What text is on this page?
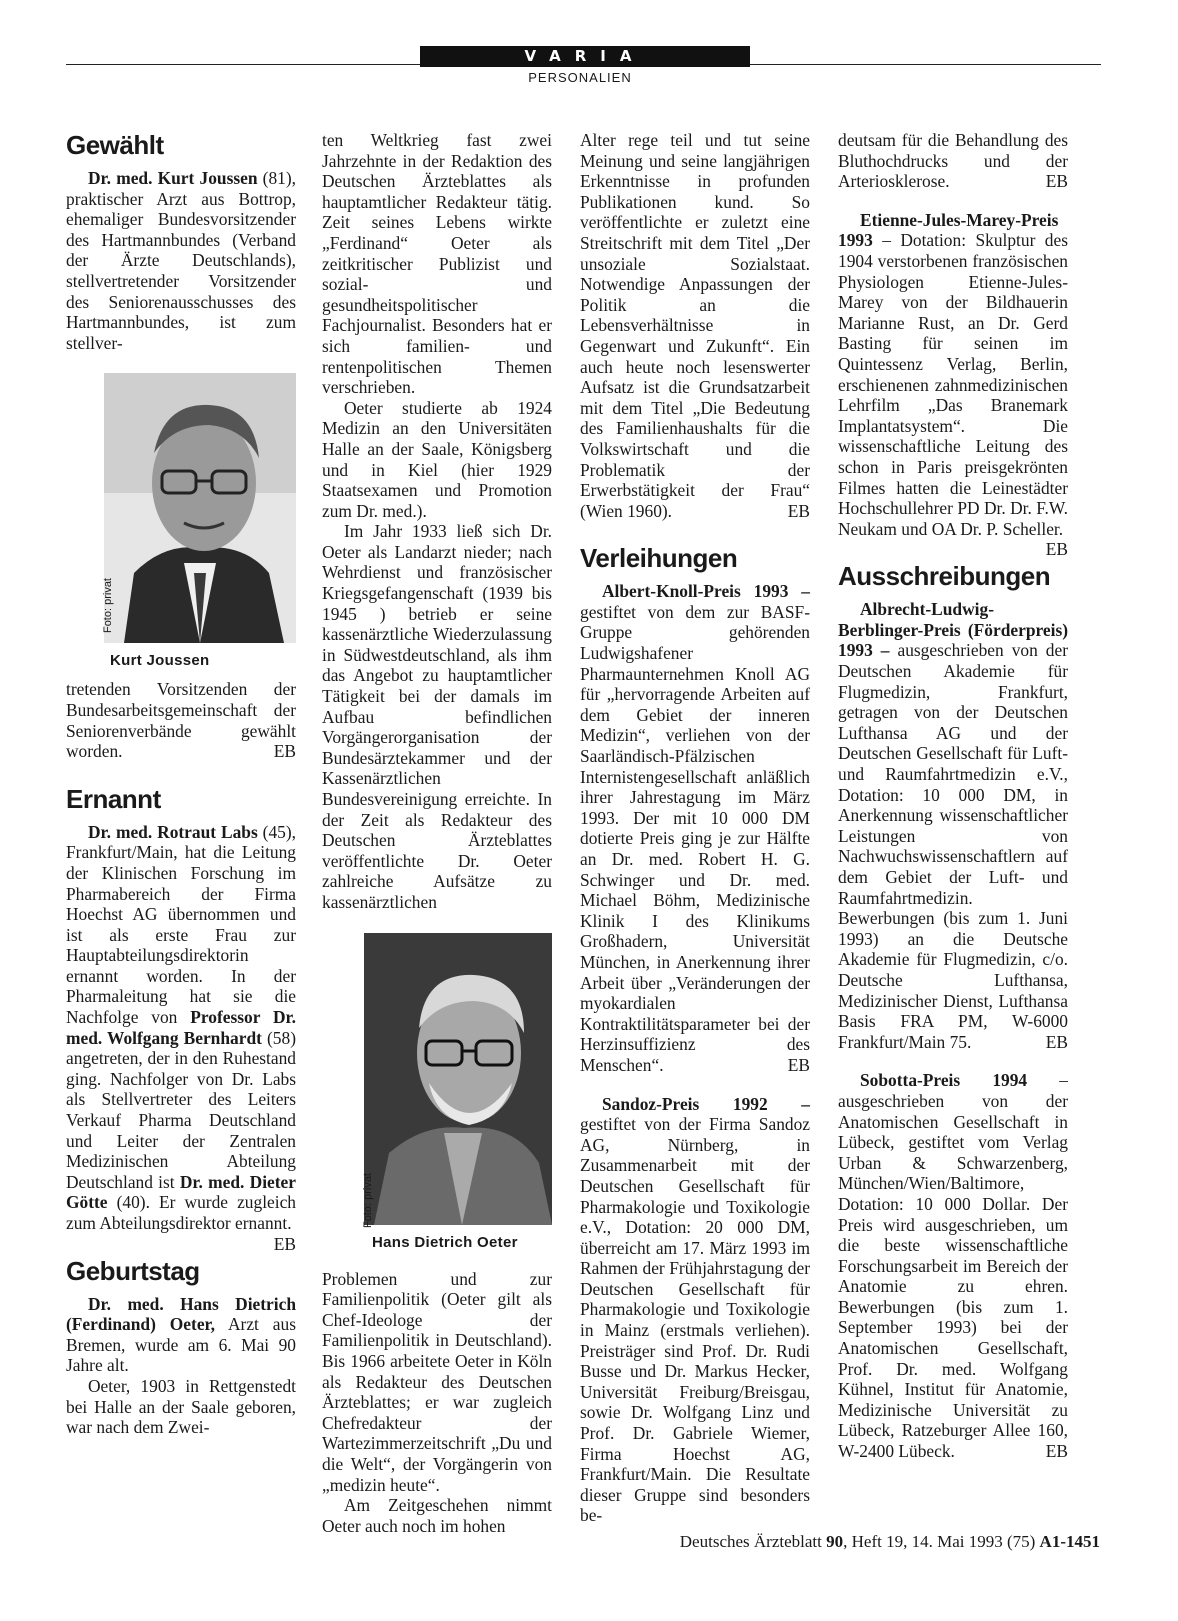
VARIA
PERSONALIEN
Gewählt

Dr. med. Kurt Joussen (81), praktischer Arzt aus Bottrop, ehemaliger Bundesvorsitzender des Hartmannbundes (Verband der Ärzte Deutschlands), stellvertretender Vorsitzender des Seniorenausschusses des Hartmannbundes, ist zum stellver-

Foto: privat
Kurt Joussen

tretenden Vorsitzenden der Bundesarbeitsgemeinschaft der Seniorenverbände gewählt worden.	EB

Ernannt

Dr. med. Rotraut Labs (45), Frankfurt/Main, hat die Leitung der Klinischen Forschung im Pharmabereich der Firma Hoechst AG übernommen und ist als erste Frau zur Hauptabteilungsdirektorin ernannt worden. In der Pharmaleitung hat sie die Nachfolge von Professor Dr. med. Wolfgang Bernhardt (58) angetreten, der in den Ruhestand ging. Nachfolger von Dr. Labs als Stellvertreter des Leiters Verkauf Pharma Deutschland und Leiter der Zentralen Medizinischen Abteilung Deutschland ist Dr. med. Dieter Götte (40). Er wurde zugleich zum Abteilungsdirektor ernannt.
EB

Geburtstag

Dr. med. Hans Dietrich (Ferdinand) Oeter, Arzt aus Bremen, wurde am 6. Mai 90 Jahre alt.

Oeter, 1903 in Rettgenstedt bei Halle an der Saale geboren, war nach dem Zwei-

ten Weltkrieg fast zwei Jahrzehnte in der Redaktion des Deutschen Ärzteblattes als hauptamtlicher Redakteur tätig. Zeit seines Lebens wirkte „Ferdinand“ Oeter als zeitkritischer Publizist und sozial- und gesundheitspolitischer Fachjournalist. Besonders hat er sich familien- und rentenpolitischen Themen verschrieben.

Oeter studierte ab 1924 Medizin an den Universitäten Halle an der Saale, Königsberg und in Kiel (hier 1929 Staatsexamen und Promotion zum Dr. med.).

Im Jahr 1933 ließ sich Dr. Oeter als Landarzt nieder; nach Wehrdienst und französischer Kriegsgefangenschaft (1939 bis 1945 ) betrieb er seine kassenärztliche Wiederzulassung in Südwestdeutschland, als ihm das Angebot zu hauptamtlicher Tätigkeit bei der damals im Aufbau befindlichen Vorgängerorganisation der Bundesärztekammer und der Kassenärztlichen Bundesvereinigung erreichte. In der Zeit als Redakteur des Deutschen Ärzteblattes veröffentlichte Dr. Oeter zahlreiche Aufsätze zu kassenärztlichen

Foto: privat
Hans Dietrich Oeter

Problemen und zur Familienpolitik (Oeter gilt als Chef-Ideologe der Familienpolitik in Deutschland). Bis 1966 arbeitete Oeter in Köln als Redakteur des Deutschen Ärzteblattes; er war zugleich Chefredakteur der Wartezimmerzeitschrift „Du und die Welt“, der Vorgängerin von „medizin heute“.

Am Zeitgeschehen nimmt Oeter auch noch im hohen

Alter rege teil und tut seine Meinung und seine langjährigen Erkenntnisse in profunden Publikationen kund. So veröffentlichte er zuletzt eine Streitschrift mit dem Titel „Der unsoziale Sozialstaat. Notwendige Anpassungen der Politik an die Lebensverhältnisse in Gegenwart und Zukunft“. Ein auch heute noch lesenswerter Aufsatz ist die Grundsatzarbeit mit dem Titel „Die Bedeutung des Familienhaushalts für die Volkswirtschaft und die Problematik der Erwerbstätigkeit der Frau“ (Wien 1960).	EB

Verleihungen

Albert-Knoll-Preis 1993 – gestiftet von dem zur BASF-Gruppe gehörenden Ludwigshafener Pharmaunternehmen Knoll AG für „hervorragende Arbeiten auf dem Gebiet der inneren Medizin“, verliehen von der Saarländisch-Pfälzischen Internistengesellschaft anläßlich ihrer Jahrestagung im März 1993. Der mit 10 000 DM dotierte Preis ging je zur Hälfte an Dr. med. Robert H. G. Schwinger und Dr. med. Michael Böhm, Medizinische Klinik I des Klinikums Großhadern, Universität München, in Anerkennung ihrer Arbeit über „Veränderungen der myokardialen Kontraktilitätsparameter bei der Herzinsuffizienz des Menschen“.	EB

Sandoz-Preis 1992 – gestiftet von der Firma Sandoz AG, Nürnberg, in Zusammenarbeit mit der Deutschen Gesellschaft für Pharmakologie und Toxikologie e.V., Dotation: 20 000 DM, überreicht am 17. März 1993 im Rahmen der Frühjahrstagung der Deutschen Gesellschaft für Pharmakologie und Toxikologie in Mainz (erstmals verliehen). Preisträger sind Prof. Dr. Rudi Busse und Dr. Markus Hecker, Universität Freiburg/Breisgau, sowie Dr. Wolfgang Linz und Prof. Dr. Gabriele Wiemer, Firma Hoechst AG, Frankfurt/Main. Die Resultate dieser Gruppe sind besonders be-

deutsam für die Behandlung des Bluthochdrucks und der Arteriosklerose.	EB

Etienne-Jules-Marey-Preis 1993 – Dotation: Skulptur des 1904 verstorbenen französischen Physiologen Etienne-Jules-Marey von der Bildhauerin Marianne Rust, an Dr. Gerd Basting für seinen im Quintessenz Verlag, Berlin, erschienenen zahnmedizinischen Lehrfilm „Das Branemark Implantatsystem“. Die wissenschaftliche Leitung des schon in Paris preisgekrönten Filmes hatten die Leinestädter Hochschullehrer PD Dr. Dr. F.W. Neukam und OA Dr. P. Scheller.
EB

Ausschreibungen

Albrecht-Ludwig-Berblinger-Preis (Förderpreis) 1993 – ausgeschrieben von der Deutschen Akademie für Flugmedizin, Frankfurt, getragen von der Deutschen Lufthansa AG und der Deutschen Gesellschaft für Luft- und Raumfahrtmedizin e.V., Dotation: 10 000 DM, in Anerkennung wissenschaftlicher Leistungen von Nachwuchswissenschaftlern auf dem Gebiet der Luft- und Raumfahrtmedizin. Bewerbungen (bis zum 1. Juni 1993) an die Deutsche Akademie für Flugmedizin, c/o. Deutsche Lufthansa, Medizinischer Dienst, Lufthansa Basis FRA PM, W-6000 Frankfurt/Main 75.	EB

Sobotta-Preis 1994 – ausgeschrieben von der Anatomischen Gesellschaft in Lübeck, gestiftet vom Verlag Urban & Schwarzenberg, München/Wien/Baltimore, Dotation: 10 000 Dollar. Der Preis wird ausgeschrieben, um die beste wissenschaftliche Forschungsarbeit im Bereich der Anatomie zu ehren. Bewerbungen (bis zum 1. September 1993) bei der Anatomischen Gesellschaft, Prof. Dr. med. Wolfgang Kühnel, Institut für Anatomie, Medizinische Universität zu Lübeck, Ratzeburger Allee 160, W-2400 Lübeck.	EB

Deutsches Ärzteblatt 90, Heft 19, 14. Mai 1993 (75) A1-1451
